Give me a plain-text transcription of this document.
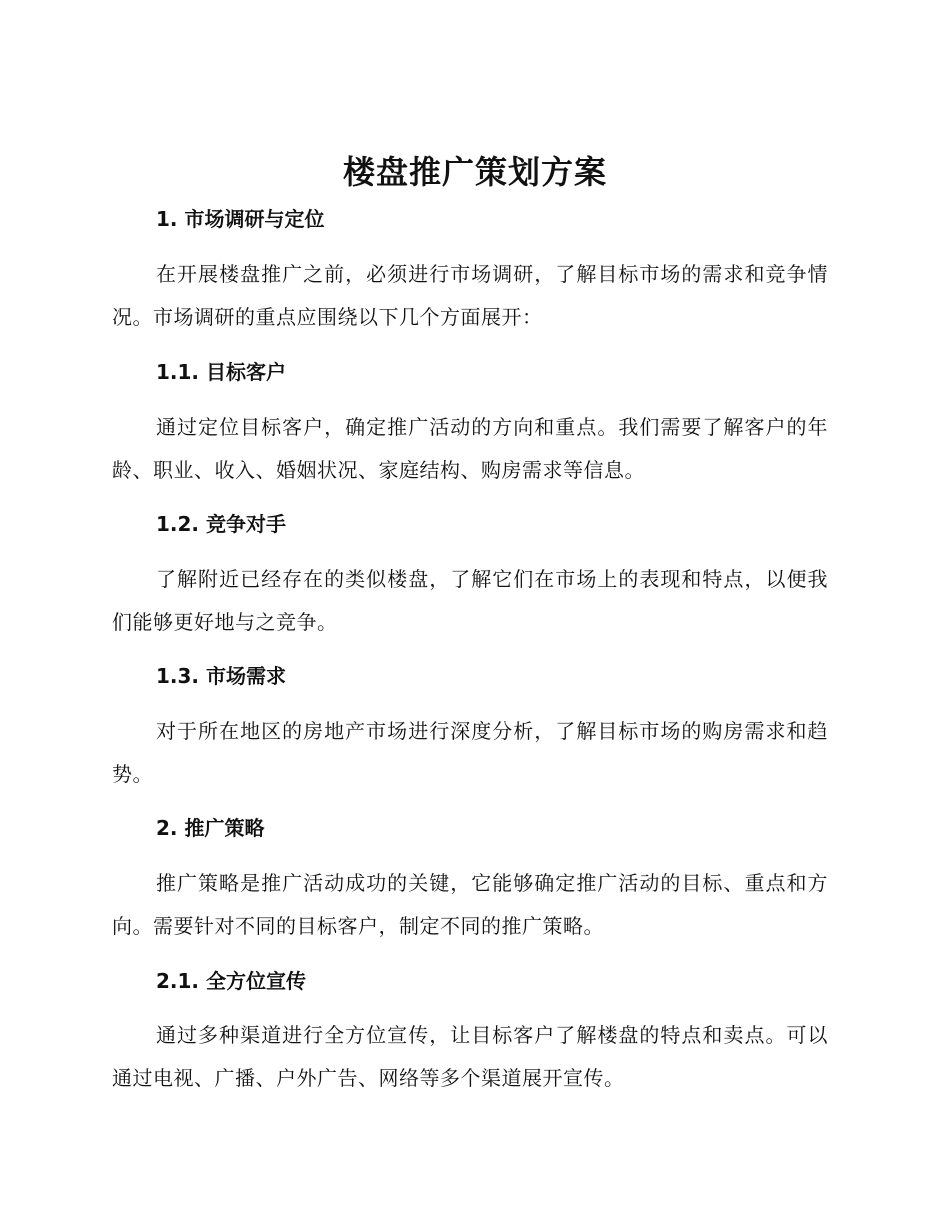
楼盘推广策划方案
1. 市场调研与定位

在开展楼盘推广之前，必须进行市场调研，了解目标市场的需求和竞争情况。市场调研的重点应围绕以下几个方面展开：

1.1. 目标客户

通过定位目标客户，确定推广活动的方向和重点。我们需要了解客户的年龄、职业、收入、婚姻状况、家庭结构、购房需求等信息。

1.2. 竞争对手

了解附近已经存在的类似楼盘，了解它们在市场上的表现和特点，以便我们能够更好地与之竞争。

1.3. 市场需求

对于所在地区的房地产市场进行深度分析，了解目标市场的购房需求和趋势。

2. 推广策略

推广策略是推广活动成功的关键，它能够确定推广活动的目标、重点和方向。需要针对不同的目标客户，制定不同的推广策略。

2.1. 全方位宣传

通过多种渠道进行全方位宣传，让目标客户了解楼盘的特点和卖点。可以通过电视、广播、户外广告、网络等多个渠道展开宣传。
